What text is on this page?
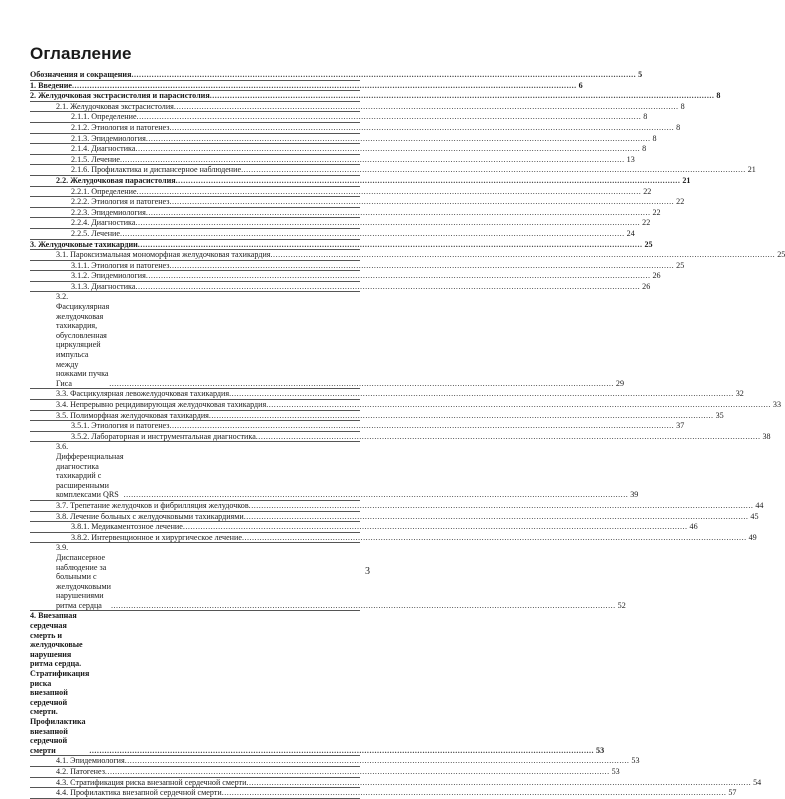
Оглавление
Обозначения и сокращения .....	5
1. Введение .....	6
2. Желудочковая экстрасистолия и парасистолия .....	8
2.1. Желудочковая экстрасистолия .....	8
2.1.1. Определение .....	8
2.1.2. Этиология и патогенез .....	8
2.1.3. Эпидемиология .....	8
2.1.4. Диагностика .....	8
2.1.5. Лечение .....	13
2.1.6. Профилактика и диспансерное наблюдение .....	21
2.2. Желудочковая парасистолия .....	21
2.2.1. Определение .....	22
2.2.2. Этиология и патогенез .....	22
2.2.3. Эпидемиология .....	22
2.2.4. Диагностика .....	22
2.2.5. Лечение .....	24
3. Желудочковые тахикардии .....	25
3.1. Пароксизмальная мономорфная желудочковая тахикардия .....	25
3.1.1. Этиология и патогенез .....	25
3.1.2. Эпидемиология .....	26
3.1.3. Диагностика .....	26
3.2. Фасцикулярная желудочковая тахикардия, обусловленная циркуляцией импульса между ножками пучка Гиса .....	29
3.3. Фасцикулярная левожелудочковая тахикардия .....	32
3.4. Непрерывно рецидивирующая желудочковая тахикардия .....	33
3.5. Полиморфная желудочковая тахикардия .....	35
3.5.1. Этиология и патогенез .....	37
3.5.2. Лабораторная и инструментальная диагностика .....	38
3.6. Дифференциальная диагностика тахикардий с расширенными комплексами QRS .....	39
3.7. Трепетание желудочков и фибрилляция желудочков .....	44
3.8. Лечение больных с желудочковыми тахикардиями .....	45
3.8.1. Медикаментозное лечение .....	46
3.8.2. Интервенционное и хирургическое лечение .....	49
3.9. Диспансерное наблюдение за больными с желудочковыми нарушениями ритма сердца .....	52
4. Внезапная сердечная смерть и желудочковые нарушения ритма сердца. Стратификация риска внезапной сердечной смерти. Профилактика внезапной сердечной смерти .....	53
4.1. Эпидемиология .....	53
4.2. Патогенез .....	53
4.3. Стратификация риска внезапной сердечной смерти .....	54
4.4. Профилактика внезапной сердечной смерти .....	57
3
